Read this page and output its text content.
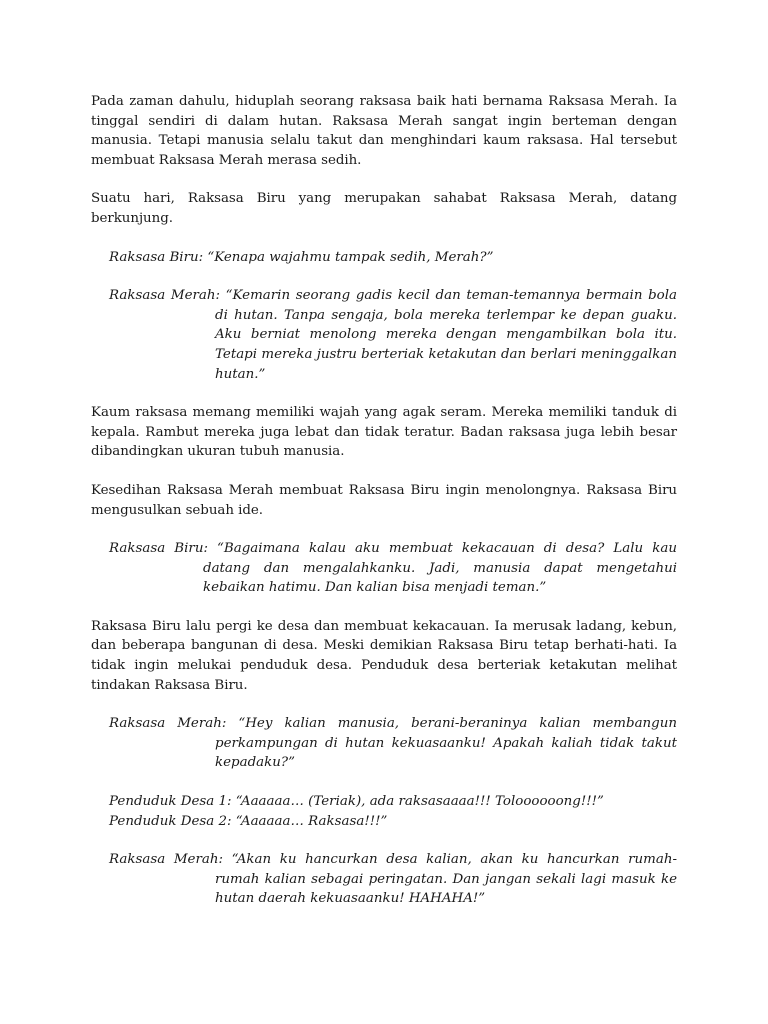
Pada zaman dahulu, hiduplah seorang raksasa baik hati bernama Raksasa Merah. Ia tinggal sendiri di dalam hutan. Raksasa Merah sangat ingin berteman dengan manusia. Tetapi manusia selalu takut dan menghindari kaum raksasa. Hal tersebut membuat Raksasa Merah merasa sedih.

Suatu hari, Raksasa Biru yang merupakan sahabat Raksasa Merah, datang berkunjung.

Raksasa Biru: “Kenapa wajahmu tampak sedih, Merah?”

Raksasa Merah: “Kemarin seorang gadis kecil dan teman-temannya bermain bola di hutan. Tanpa sengaja, bola mereka terlempar ke depan guaku. Aku berniat menolong mereka dengan mengambilkan bola itu. Tetapi mereka justru berteriak ketakutan dan berlari meninggalkan hutan.”

Kaum raksasa memang memiliki wajah yang agak seram. Mereka memiliki tanduk di kepala. Rambut mereka juga lebat dan tidak teratur. Badan raksasa juga lebih besar dibandingkan ukuran tubuh manusia.

Kesedihan Raksasa Merah membuat Raksasa Biru ingin menolongnya. Raksasa Biru mengusulkan sebuah ide.

Raksasa Biru: “Bagaimana kalau aku membuat kekacauan di desa? Lalu kau datang dan mengalahkanku. Jadi, manusia dapat mengetahui kebaikan hatimu. Dan kalian bisa menjadi teman.”

Raksasa Biru lalu pergi ke desa dan membuat kekacauan. Ia merusak ladang, kebun, dan beberapa bangunan di desa. Meski demikian Raksasa Biru tetap berhati-hati. Ia tidak ingin melukai penduduk desa. Penduduk desa berteriak ketakutan melihat tindakan Raksasa Biru.

Raksasa Merah: “Hey kalian manusia, berani-beraninya kalian membangun perkampungan di hutan kekuasaanku! Apakah kaliah tidak takut kepadaku?”

Penduduk Desa 1: “Aaaaaa… (Teriak), ada raksasaaaa!!! Toloooooong!!!”
Penduduk Desa 2: “Aaaaaa… Raksasa!!!”

Raksasa Merah: “Akan ku hancurkan desa kalian, akan ku hancurkan rumah-rumah kalian sebagai peringatan. Dan jangan sekali lagi masuk ke hutan daerah kekuasaanku! HAHAHA!”
